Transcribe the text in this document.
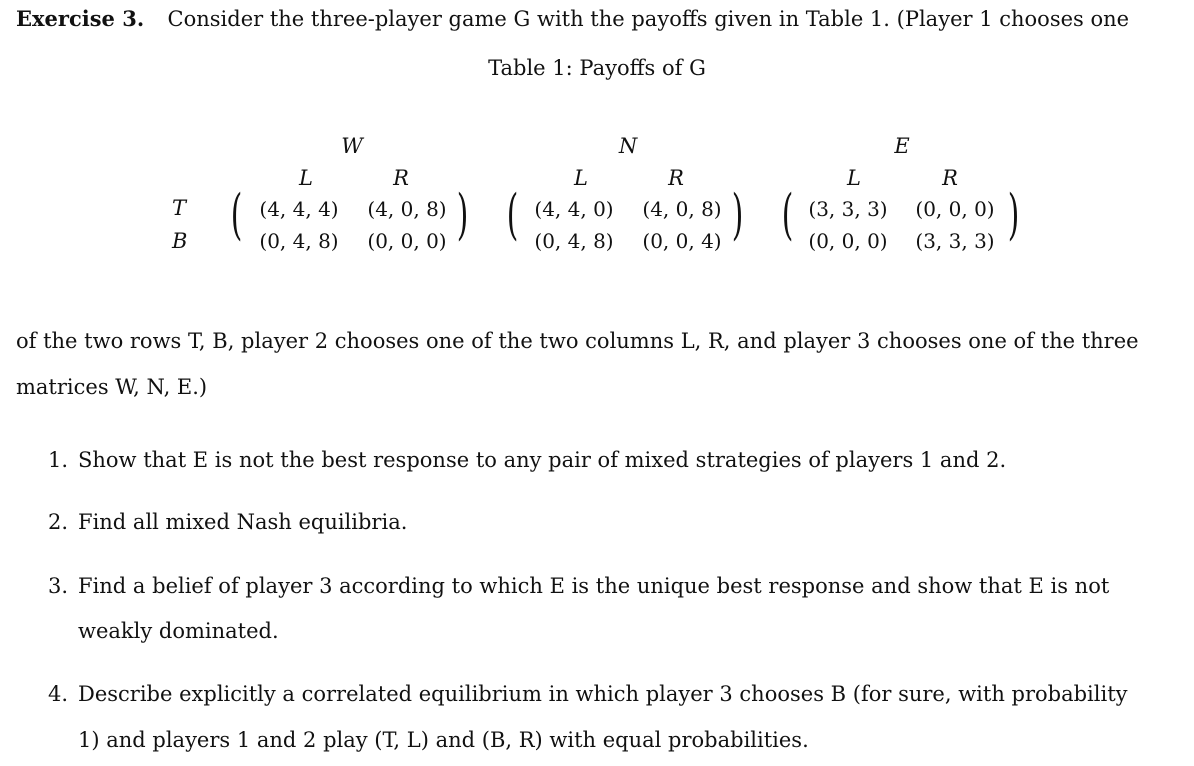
Exercise 3. Consider the three-player game G with the payoffs given in Table 1. (Player 1 chooses one
Table 1: Payoffs of G
T
B
W
L	R
(	)
(4, 4, 4)	(4, 0, 8)
(0, 4, 8)	(0, 0, 0)
N
L	R
(	)
(4, 4, 0)	(4, 0, 8)
(0, 4, 8)	(0, 0, 4)
E
L	R
(	)
(3, 3, 3)	(0, 0, 0)
(0, 0, 0)	(3, 3, 3)
of the two rows T, B, player 2 chooses one of the two columns L, R, and player 3 chooses one of the three
matrices W, N, E.)
1. Show that E is not the best response to any pair of mixed strategies of players 1 and 2.
2. Find all mixed Nash equilibria.
3. Find a belief of player 3 according to which E is the unique best response and show that E is not
weakly dominated.
4. Describe explicitly a correlated equilibrium in which player 3 chooses B (for sure, with probability
1) and players 1 and 2 play (T, L) and (B, R) with equal probabilities.
